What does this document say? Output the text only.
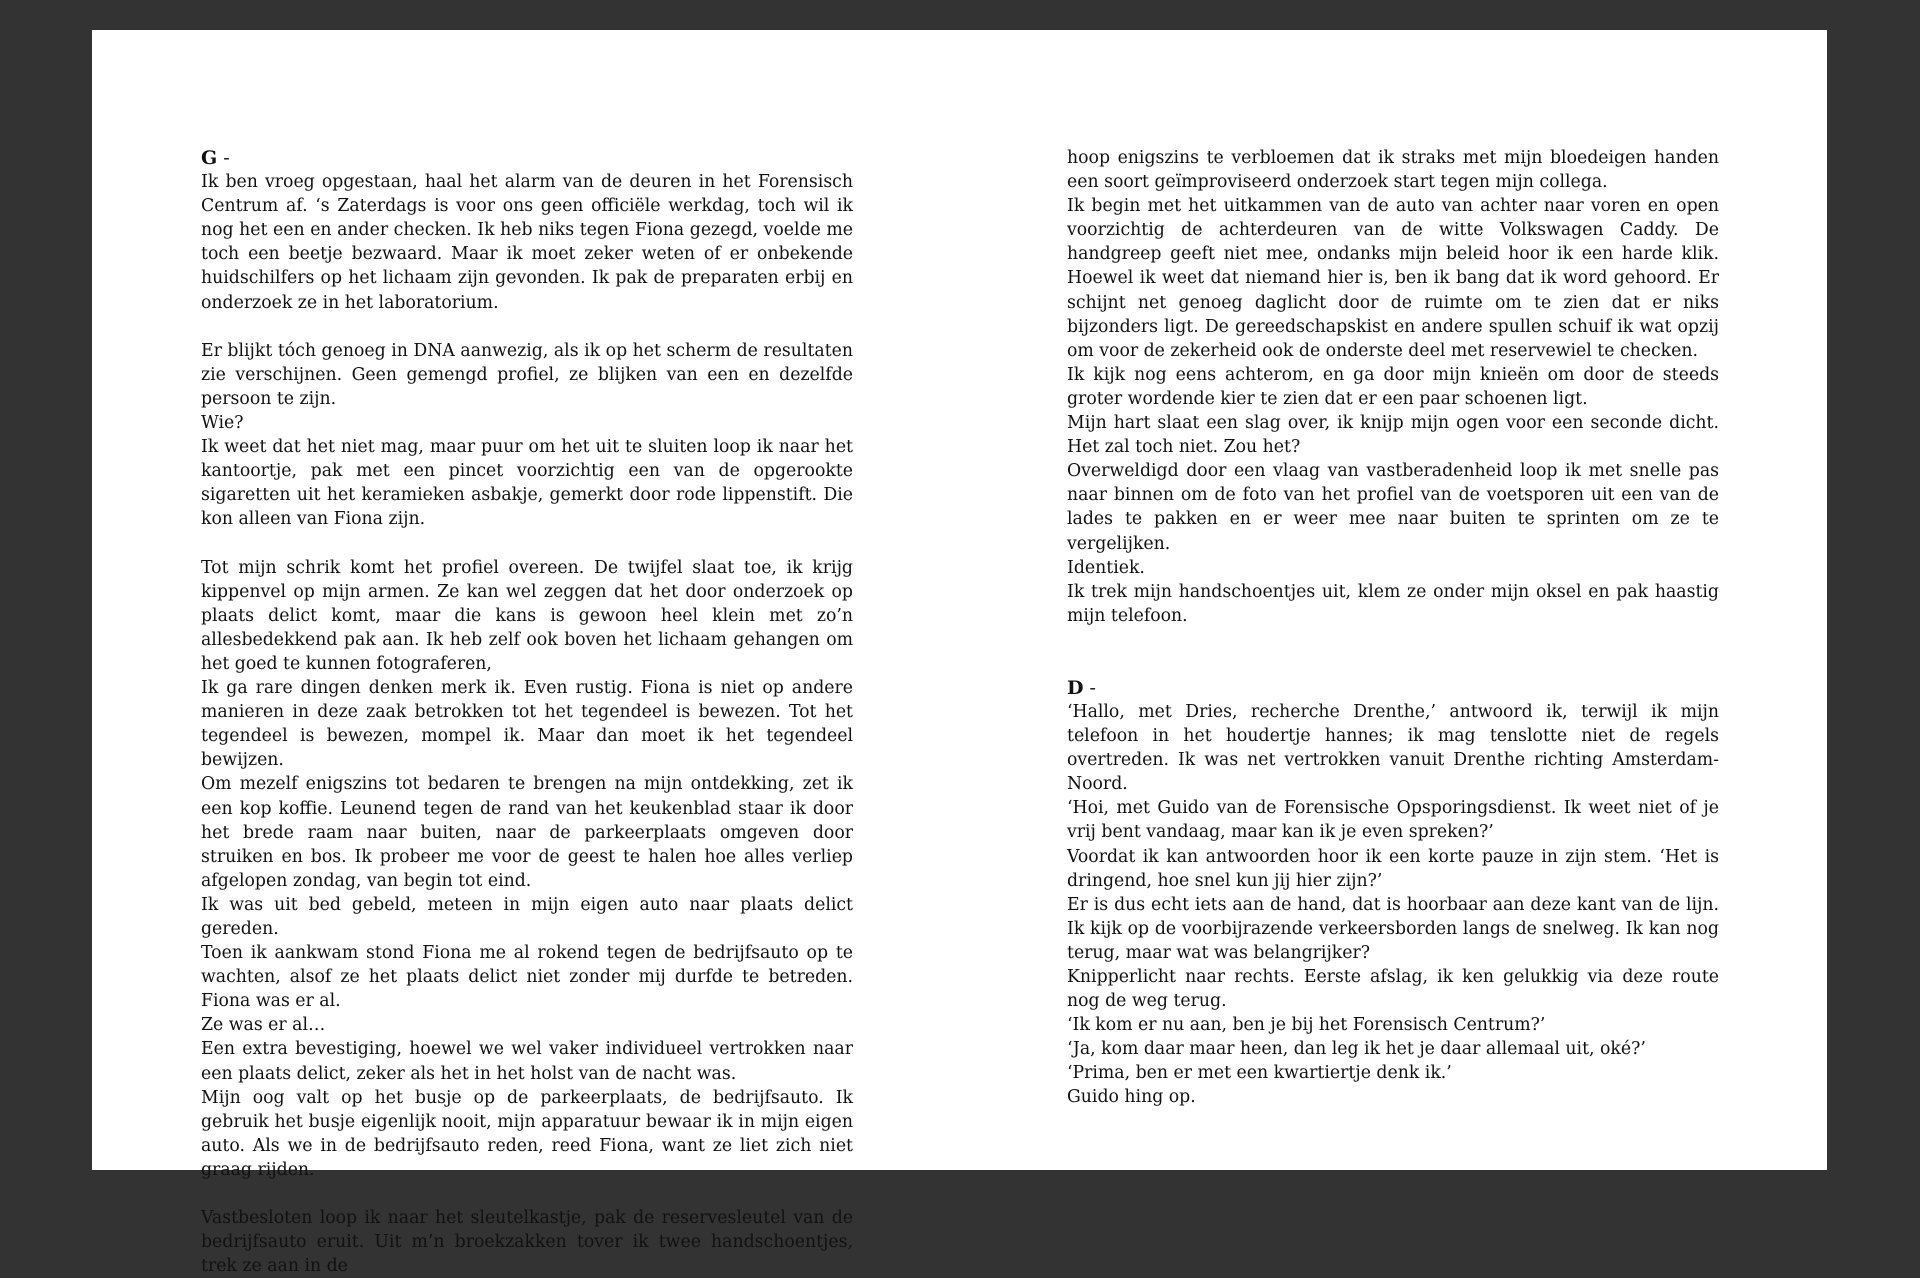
G -

Ik ben vroeg opgestaan, haal het alarm van de deuren in het Forensisch Centrum af. ‘s Zaterdags is voor ons geen officiële werkdag, toch wil ik nog het een en ander checken. Ik heb niks tegen Fiona gezegd, voelde me toch een beetje bezwaard. Maar ik moet zeker weten of er onbekende huidschilfers op het lichaam zijn gevonden. Ik pak de preparaten erbij en onderzoek ze in het laboratorium.

Er blijkt tóch genoeg in DNA aanwezig, als ik op het scherm de resultaten zie verschijnen. Geen gemengd profiel, ze blijken van een en dezelfde persoon te zijn.

Wie?

Ik weet dat het niet mag, maar puur om het uit te sluiten loop ik naar het kantoortje, pak met een pincet voorzichtig een van de opgerookte sigaretten uit het keramieken asbakje, gemerkt door rode lippenstift. Die kon alleen van Fiona zijn.

Tot mijn schrik komt het profiel overeen. De twijfel slaat toe, ik krijg kippenvel op mijn armen. Ze kan wel zeggen dat het door onderzoek op plaats delict komt, maar die kans is gewoon heel klein met zo’n allesbedekkend pak aan. Ik heb zelf ook boven het lichaam gehangen om het goed te kunnen fotograferen,

Ik ga rare dingen denken merk ik. Even rustig. Fiona is niet op andere manieren in deze zaak betrokken tot het tegendeel is bewezen. Tot het tegendeel is bewezen, mompel ik. Maar dan moet ik het tegendeel bewijzen.

Om mezelf enigszins tot bedaren te brengen na mijn ontdekking, zet ik een kop koffie. Leunend tegen de rand van het keukenblad staar ik door het brede raam naar buiten, naar de parkeerplaats omgeven door struiken en bos. Ik probeer me voor de geest te halen hoe alles verliep afgelopen zondag, van begin tot eind.

Ik was uit bed gebeld, meteen in mijn eigen auto naar plaats delict gereden.

Toen ik aankwam stond Fiona me al rokend tegen de bedrijfsauto op te wachten, alsof ze het plaats delict niet zonder mij durfde te betreden. Fiona was er al.

Ze was er al…

Een extra bevestiging, hoewel we wel vaker individueel vertrokken naar een plaats delict, zeker als het in het holst van de nacht was.

Mijn oog valt op het busje op de parkeerplaats, de bedrijfsauto. Ik gebruik het busje eigenlijk nooit, mijn apparatuur bewaar ik in mijn eigen auto. Als we in de bedrijfsauto reden, reed Fiona, want ze liet zich niet graag rijden.

Vastbesloten loop ik naar het sleutelkastje, pak de reservesleutel van de bedrijfsauto eruit. Uit m’n broekzakken tover ik twee handschoentjes, trek ze aan in de

hoop enigszins te verbloemen dat ik straks met mijn bloedeigen handen een soort geïmproviseerd onderzoek start tegen mijn collega.

Ik begin met het uitkammen van de auto van achter naar voren en open voorzichtig de achterdeuren van de witte Volkswagen Caddy. De handgreep geeft niet mee, ondanks mijn beleid hoor ik een harde klik. Hoewel ik weet dat niemand hier is, ben ik bang dat ik word gehoord. Er schijnt net genoeg daglicht door de ruimte om te zien dat er niks bijzonders ligt. De gereedschapskist en andere spullen schuif ik wat opzij om voor de zekerheid ook de onderste deel met reservewiel te checken.

Ik kijk nog eens achterom, en ga door mijn knieën om door de steeds groter wordende kier te zien dat er een paar schoenen ligt.

Mijn hart slaat een slag over, ik knijp mijn ogen voor een seconde dicht. Het zal toch niet. Zou het?

Overweldigd door een vlaag van vastberadenheid loop ik met snelle pas naar binnen om de foto van het profiel van de voetsporen uit een van de lades te pakken en er weer mee naar buiten te sprinten om ze te vergelijken.

Identiek.

Ik trek mijn handschoentjes uit, klem ze onder mijn oksel en pak haastig mijn telefoon.

D -

‘Hallo, met Dries, recherche Drenthe,’ antwoord ik, terwijl ik mijn telefoon in het houdertje hannes; ik mag tenslotte niet de regels overtreden. Ik was net vertrokken vanuit Drenthe richting Amsterdam-Noord.

‘Hoi, met Guido van de Forensische Opsporingsdienst. Ik weet niet of je vrij bent vandaag, maar kan ik je even spreken?’

Voordat ik kan antwoorden hoor ik een korte pauze in zijn stem. ‘Het is dringend, hoe snel kun jij hier zijn?’

Er is dus echt iets aan de hand, dat is hoorbaar aan deze kant van de lijn. Ik kijk op de voorbijrazende verkeersborden langs de snelweg. Ik kan nog terug, maar wat was belangrijker?

Knipperlicht naar rechts. Eerste afslag, ik ken gelukkig via deze route nog de weg terug.

‘Ik kom er nu aan, ben je bij het Forensisch Centrum?’

‘Ja, kom daar maar heen, dan leg ik het je daar allemaal uit, oké?’

‘Prima, ben er met een kwartiertje denk ik.’

Guido hing op.
